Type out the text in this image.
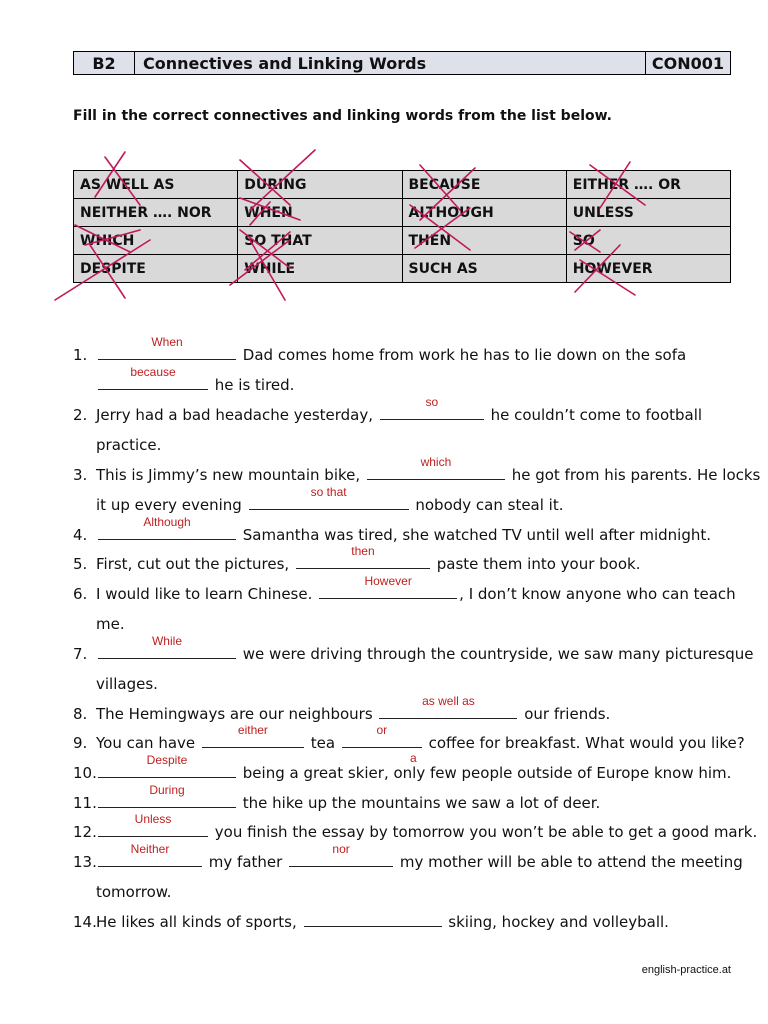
B2	Connectives and Linking Words	CON001
Fill in the correct connectives and linking words from the list below.
AS WELL AS	DURING	BECAUSE	EITHER …. OR
NEITHER …. NOR	WHEN	ALTHOUGH	UNLESS
WHICH	SO THAT	THEN	SO
DESPITE	WHILE	SUCH AS	HOWEVER
1.
When
Dad comes home from work he has to lie down on the sofa
because
he is tired.
2. Jerry had a bad headache yesterday,
so
he couldn’t come to football
practice.
3. This is Jimmy’s new mountain bike,
which
he got from his parents. He locks
it up every evening
so that
nobody can steal it.
4.
Although
Samantha was tired, she watched TV until well after midnight.
5. First, cut out the pictures,
then
paste them into your book.
6. I would like to learn Chinese.
However
, I don’t know anyone who can teach
me.
7.
While
we were driving through the countryside, we saw many picturesque
villages.
8. The Hemingways are our neighbours
as well as
our friends.
9. You can have
either
tea
or
coffee for breakfast. What would you like?
a
10.
Despite
being a great skier, only few people outside of Europe know him.
11.
During
the hike up the mountains we saw a lot of deer.
12.
Unless
you finish the essay by tomorrow you won’t be able to get a good mark.
13.
Neither
my father
nor
my mother will be able to attend the meeting
tomorrow.
14. He likes all kinds of sports,	skiing, hockey and volleyball.
english-practice.at
